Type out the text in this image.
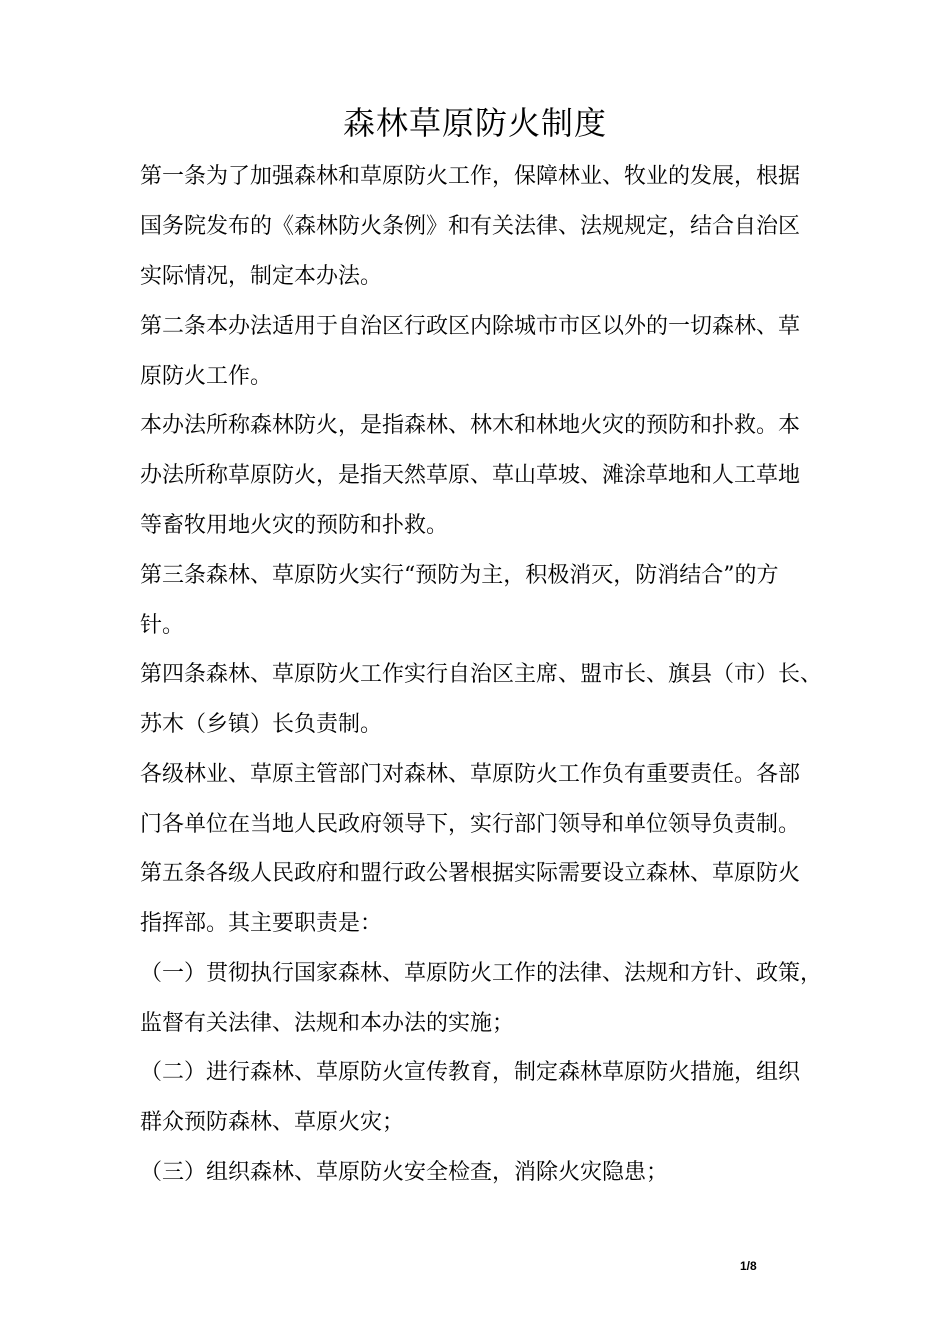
森林草原防火制度

第一条为了加强森林和草原防火工作，保障林业、牧业的发展，根据

国务院发布的《森林防火条例》和有关法律、法规规定，结合自治区

实际情况，制定本办法。

第二条本办法适用于自治区行政区内除城市市区以外的一切森林、草

原防火工作。

本办法所称森林防火，是指森林、林木和林地火灾的预防和扑救。本

办法所称草原防火，是指天然草原、草山草坡、滩涂草地和人工草地

等畜牧用地火灾的预防和扑救。

第三条森林、草原防火实行“预防为主，积极消灭，防消结合”的方

针。

第四条森林、草原防火工作实行自治区主席、盟市长、旗县（市）长、

苏木（乡镇）长负责制。

各级林业、草原主管部门对森林、草原防火工作负有重要责任。各部

门各单位在当地人民政府领导下，实行部门领导和单位领导负责制。

第五条各级人民政府和盟行政公署根据实际需要设立森林、草原防火

指挥部。其主要职责是：

（一）贯彻执行国家森林、草原防火工作的法律、法规和方针、政策，

监督有关法律、法规和本办法的实施；

（二）进行森林、草原防火宣传教育，制定森林草原防火措施，组织

群众预防森林、草原火灾；

（三）组织森林、草原防火安全检查，消除火灾隐患；

1/8
